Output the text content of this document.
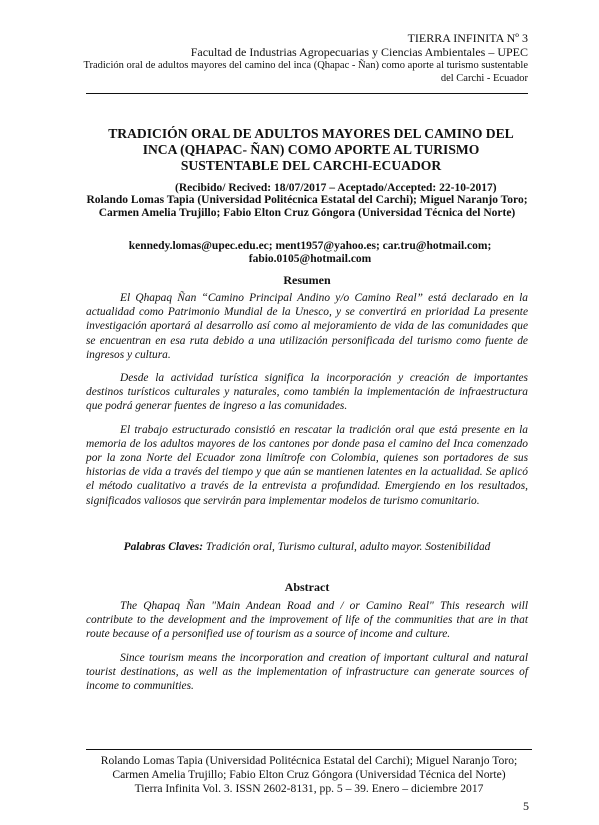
TIERRA INFINITA Nº 3
Facultad de Industrias Agropecuarias y Ciencias Ambientales – UPEC
Tradición oral de adultos mayores del camino del inca (Qhapac - Ñan) como aporte al turismo sustentable
del Carchi - Ecuador
TRADICIÓN ORAL DE ADULTOS MAYORES DEL CAMINO DEL INCA (QHAPAC- ÑAN) COMO APORTE AL TURISMO SUSTENTABLE DEL CARCHI-ECUADOR
(Recibido/ Recived: 18/07/2017 – Aceptado/Accepted: 22-10-2017)
Rolando Lomas Tapia (Universidad Politécnica Estatal del Carchi); Miguel Naranjo Toro; Carmen Amelia Trujillo; Fabio Elton Cruz Góngora (Universidad Técnica del Norte)
kennedy.lomas@upec.edu.ec; ment1957@yahoo.es; car.tru@hotmail.com; fabio.0105@hotmail.com
Resumen

El Qhapaq Ñan “Camino Principal Andino y/o Camino Real” está declarado en la actualidad como Patrimonio Mundial de la Unesco, y se convertirá en prioridad La presente investigación aportará al desarrollo así como al mejoramiento de vida de las comunidades que se encuentran en esa ruta debido a una utilización personificada del turismo como fuente de ingresos y cultura.

Desde la actividad turística significa la incorporación y creación de importantes destinos turísticos culturales y naturales, como también la implementación de infraestructura que podrá generar fuentes de ingreso a las comunidades.

El trabajo estructurado consistió en rescatar la tradición oral que está presente en la memoria de los adultos mayores de los cantones por donde pasa el camino del Inca comenzado por la zona Norte del Ecuador zona limítrofe con Colombia, quienes son portadores de sus historias de vida a través del tiempo y que aún se mantienen latentes en la actualidad. Se aplicó el método cualitativo a través de la entrevista a profundidad. Emergiendo en los resultados, significados valiosos que servirán para implementar modelos de turismo comunitario.

Palabras Claves: Tradición oral, Turismo cultural, adulto mayor. Sostenibilidad
Abstract

The Qhapaq Ñan "Main Andean Road and / or Camino Real" This research will contribute to the development and the improvement of life of the communities that are in that route because of a personified use of tourism as a source of income and culture.

Since tourism means the incorporation and creation of important cultural and natural tourist destinations, as well as the implementation of infrastructure can generate sources of income to communities.

Rolando Lomas Tapia (Universidad Politécnica Estatal del Carchi); Miguel Naranjo Toro;
Carmen Amelia Trujillo; Fabio Elton Cruz Góngora (Universidad Técnica del Norte)
Tierra Infinita Vol. 3. ISSN 2602-8131, pp. 5 – 39. Enero – diciembre 2017
5
